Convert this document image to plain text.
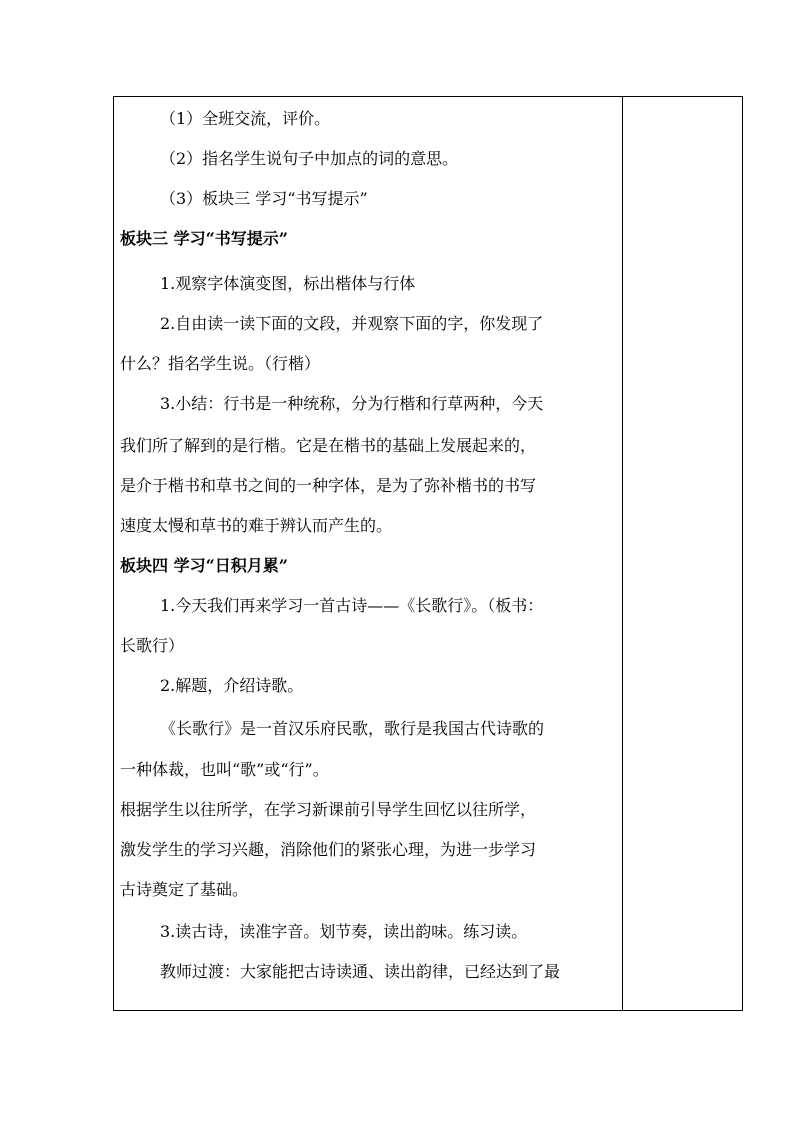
（1）全班交流，评价。
（2）指名学生说句子中加点的词的意思。
（3）板块三 学习“书写提示”
板块三 学习“书写提示”
1.观察字体演变图，标出楷体与行体
2.自由读一读下面的文段，并观察下面的字，你发现了
什么？指名学生说。（行楷）
3.小结：行书是一种统称，分为行楷和行草两种，今天
我们所了解到的是行楷。它是在楷书的基础上发展起来的，
是介于楷书和草书之间的一种字体，是为了弥补楷书的书写
速度太慢和草书的难于辨认而产生的。
板块四 学习“日积月累”
1.今天我们再来学习一首古诗——《长歌行》。（板书：
长歌行）
2.解题，介绍诗歌。
《长歌行》是一首汉乐府民歌，歌行是我国古代诗歌的
一种体裁，也叫“歌”或“行”。
根据学生以往所学，在学习新课前引导学生回忆以往所学，
激发学生的学习兴趣，消除他们的紧张心理，为进一步学习
古诗奠定了基础。
3.读古诗，读准字音。划节奏，读出韵味。练习读。
教师过渡：大家能把古诗读通、读出韵律，已经达到了最
